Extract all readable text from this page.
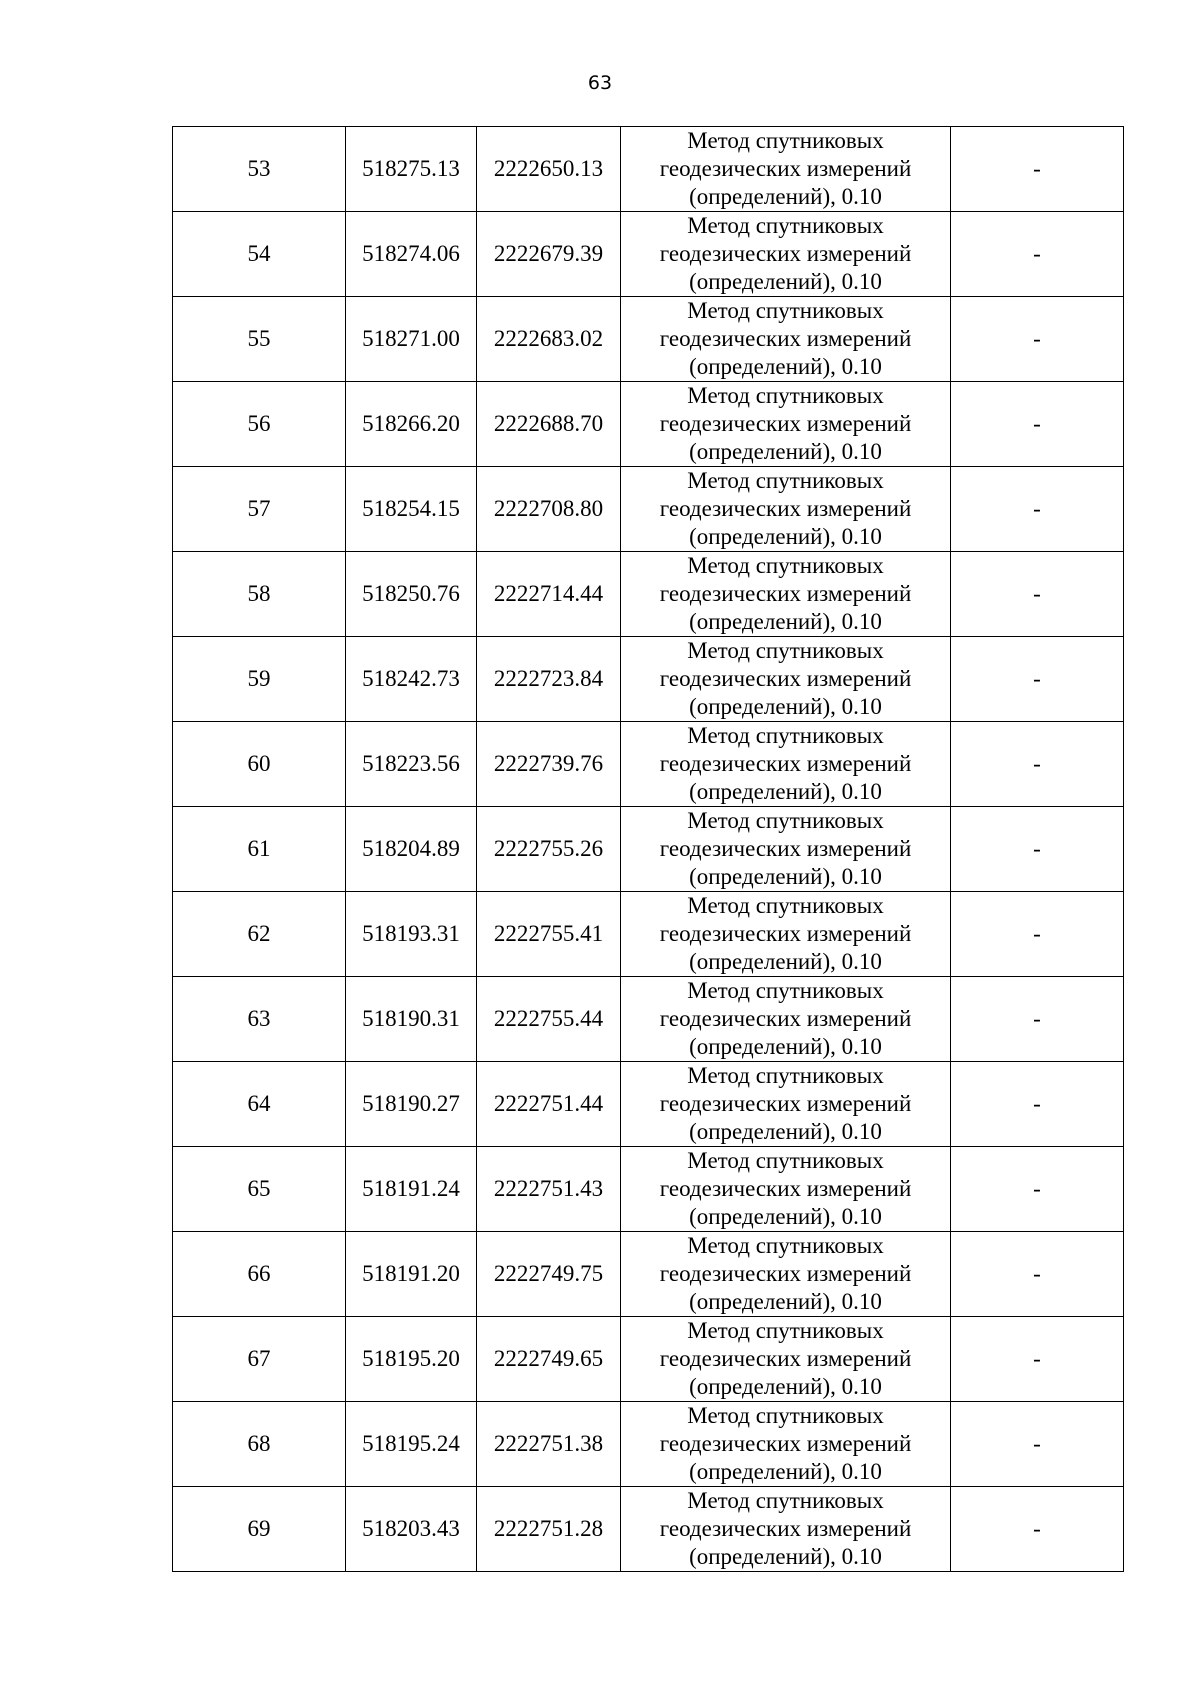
63
53	518275.13	2222650.13	Метод спутниковых
геодезических измерений
(определений), 0.10	-
54	518274.06	2222679.39	Метод спутниковых
геодезических измерений
(определений), 0.10	-
55	518271.00	2222683.02	Метод спутниковых
геодезических измерений
(определений), 0.10	-
56	518266.20	2222688.70	Метод спутниковых
геодезических измерений
(определений), 0.10	-
57	518254.15	2222708.80	Метод спутниковых
геодезических измерений
(определений), 0.10	-
58	518250.76	2222714.44	Метод спутниковых
геодезических измерений
(определений), 0.10	-
59	518242.73	2222723.84	Метод спутниковых
геодезических измерений
(определений), 0.10	-
60	518223.56	2222739.76	Метод спутниковых
геодезических измерений
(определений), 0.10	-
61	518204.89	2222755.26	Метод спутниковых
геодезических измерений
(определений), 0.10	-
62	518193.31	2222755.41	Метод спутниковых
геодезических измерений
(определений), 0.10	-
63	518190.31	2222755.44	Метод спутниковых
геодезических измерений
(определений), 0.10	-
64	518190.27	2222751.44	Метод спутниковых
геодезических измерений
(определений), 0.10	-
65	518191.24	2222751.43	Метод спутниковых
геодезических измерений
(определений), 0.10	-
66	518191.20	2222749.75	Метод спутниковых
геодезических измерений
(определений), 0.10	-
67	518195.20	2222749.65	Метод спутниковых
геодезических измерений
(определений), 0.10	-
68	518195.24	2222751.38	Метод спутниковых
геодезических измерений
(определений), 0.10	-
69	518203.43	2222751.28	Метод спутниковых
геодезических измерений
(определений), 0.10	-
